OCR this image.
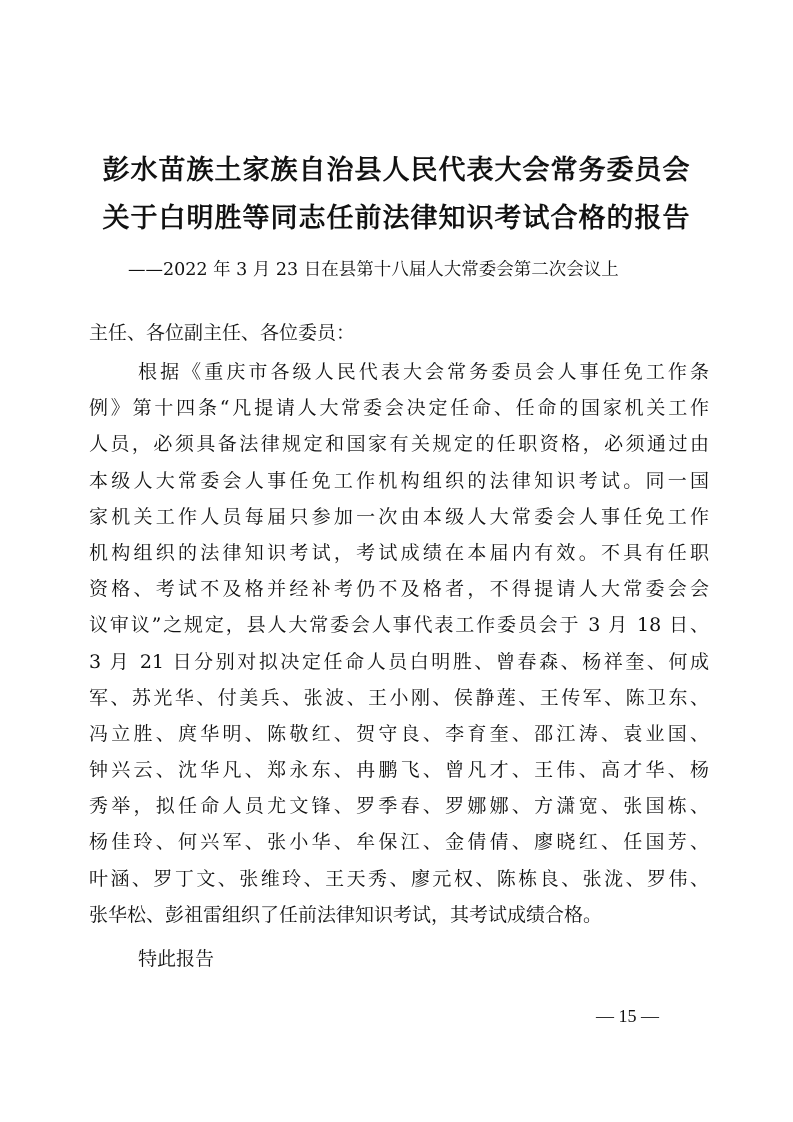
彭水苗族土家族自治县人民代表大会常务委员会
关于白明胜等同志任前法律知识考试合格的报告
——2022 年 3 月 23 日在县第十八届人大常委会第二次会议上
主任、各位副主任、各位委员：
根据《重庆市各级人民代表大会常务委员会人事任免工作条
例》第十四条“凡提请人大常委会决定任命、任命的国家机关工作
人员，必须具备法律规定和国家有关规定的任职资格，必须通过由
本级人大常委会人事任免工作机构组织的法律知识考试。同一国
家机关工作人员每届只参加一次由本级人大常委会人事任免工作
机构组织的法律知识考试，考试成绩在本届内有效。不具有任职
资格、考试不及格并经补考仍不及格者，不得提请人大常委会会
议审议”之规定，县人大常委会人事代表工作委员会于 3 月 18 日、
3 月 21 日分别对拟决定任命人员白明胜、曾春森、杨祥奎、何成
军、苏光华、付美兵、张波、王小刚、侯静莲、王传军、陈卫东、
冯立胜、庹华明、陈敬红、贺守良、李育奎、邵江涛、袁业国、
钟兴云、沈华凡、郑永东、冉鹏飞、曾凡才、王伟、高才华、杨
秀举，拟任命人员尤文锋、罗季春、罗娜娜、方潇宽、张国栋、
杨佳玲、何兴军、张小华、牟保江、金倩倩、廖晓红、任国芳、
叶涵、罗丁文、张维玲、王天秀、廖元权、陈栋良、张泷、罗伟、
张华松、彭祖雷组织了任前法律知识考试，其考试成绩合格。
特此报告
— 15 —
